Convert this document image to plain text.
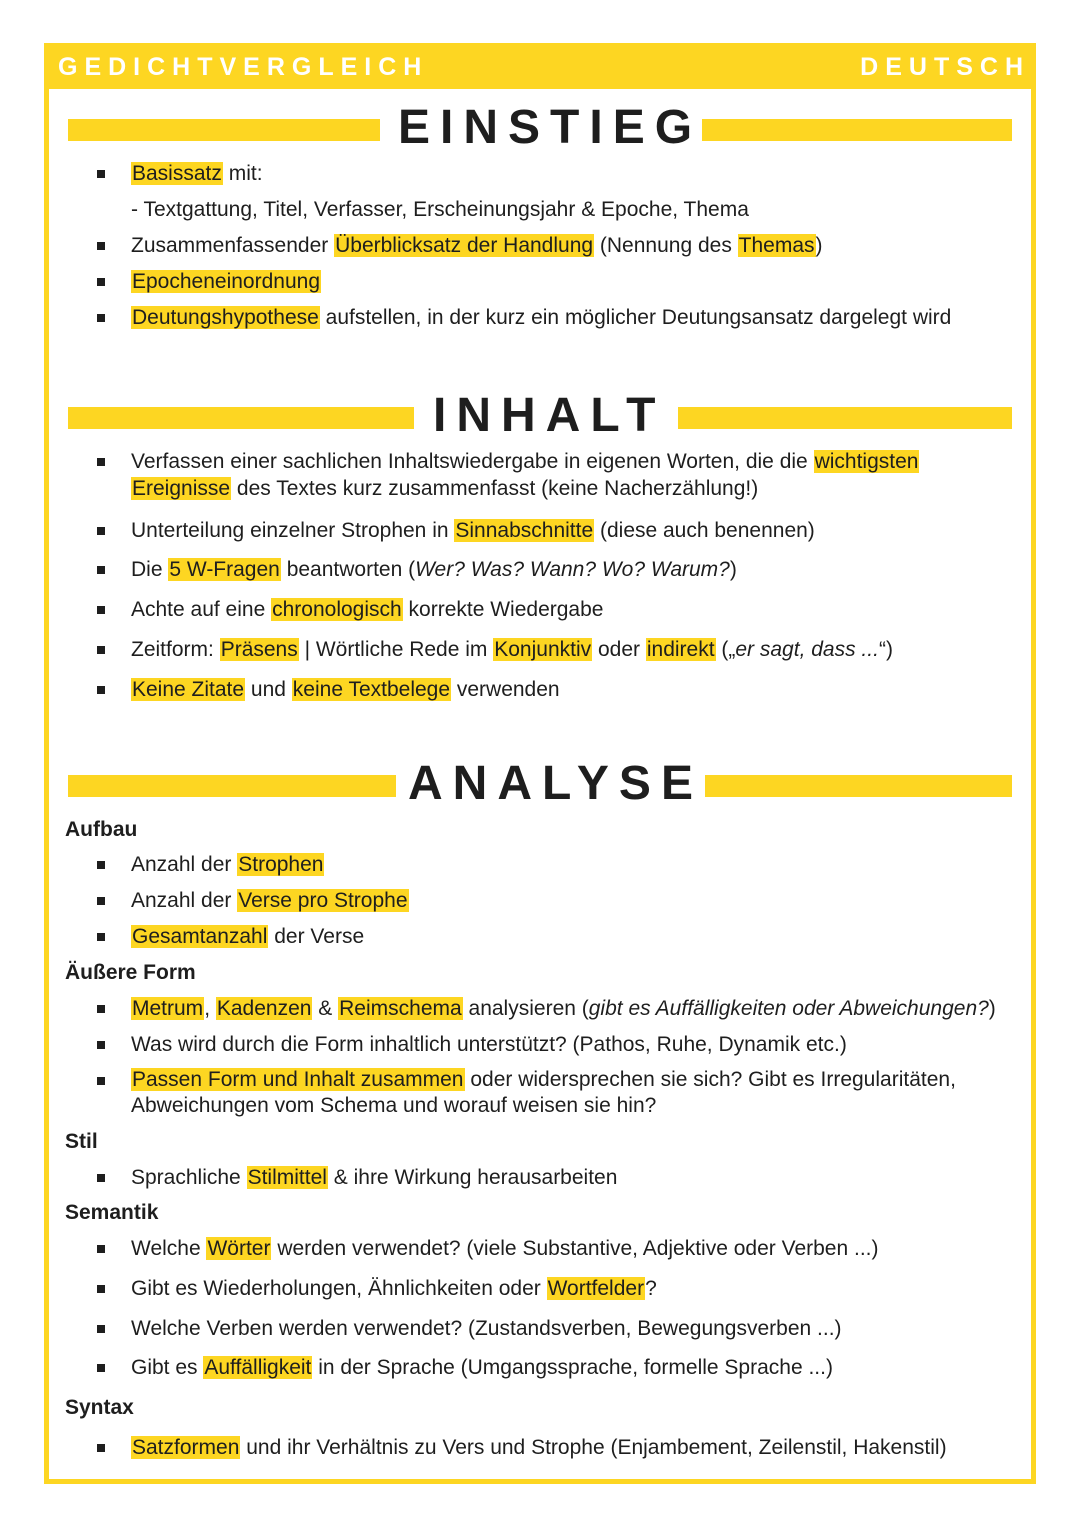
GEDICHTVERGLEICH	DEUTSCH
EINSTIEG
Basissatz mit:
- Textgattung, Titel, Verfasser, Erscheinungsjahr & Epoche, Thema
Zusammenfassender Überblicksatz der Handlung (Nennung des Themas)
Epocheneinordnung
Deutungshypothese aufstellen, in der kurz ein möglicher Deutungsansatz dargelegt wird
INHALT
Verfassen einer sachlichen Inhaltswiedergabe in eigenen Worten, die die wichtigsten
Ereignisse des Textes kurz zusammenfasst (keine Nacherzählung!)
Unterteilung einzelner Strophen in Sinnabschnitte (diese auch benennen)
Die 5 W-Fragen beantworten (Wer? Was? Wann? Wo? Warum?)
Achte auf eine chronologisch korrekte Wiedergabe
Zeitform: Präsens | Wörtliche Rede im Konjunktiv oder indirekt („er sagt, dass ...“)
Keine Zitate und keine Textbelege verwenden
ANALYSE
Aufbau
Anzahl der Strophen
Anzahl der Verse pro Strophe
Gesamtanzahl der Verse
Äußere Form
Metrum, Kadenzen & Reimschema analysieren (gibt es Auffälligkeiten oder Abweichungen?)
Was wird durch die Form inhaltlich unterstützt? (Pathos, Ruhe, Dynamik etc.)
Passen Form und Inhalt zusammen oder widersprechen sie sich? Gibt es Irregularitäten,
Abweichungen vom Schema und worauf weisen sie hin?
Stil
Sprachliche Stilmittel & ihre Wirkung herausarbeiten
Semantik
Welche Wörter werden verwendet? (viele Substantive, Adjektive oder Verben ...)
Gibt es Wiederholungen, Ähnlichkeiten oder Wortfelder?
Welche Verben werden verwendet? (Zustandsverben, Bewegungsverben ...)
Gibt es Auffälligkeit in der Sprache (Umgangssprache, formelle Sprache ...)
Syntax
Satzformen und ihr Verhältnis zu Vers und Strophe (Enjambement, Zeilenstil, Hakenstil)
